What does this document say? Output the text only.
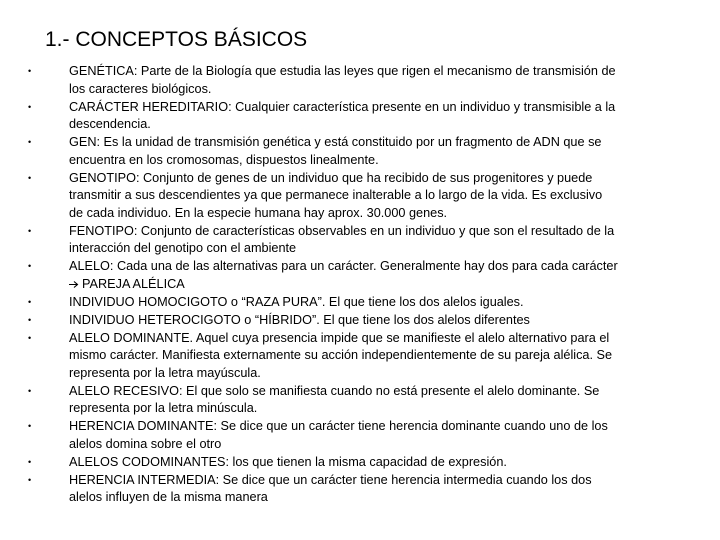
1.- CONCEPTOS BÁSICOS
•	GENÉTICA: Parte de la Biología que estudia las leyes que rigen el mecanismo de transmisión de
los caracteres biológicos.
•	CARÁCTER HEREDITARIO: Cualquier característica presente en un individuo y transmisible a la
descendencia.
•	GEN: Es la unidad de transmisión genética y está constituido por un fragmento de ADN que se
encuentra en los cromosomas, dispuestos linealmente.
•	GENOTIPO: Conjunto de genes de un individuo que ha recibido de sus progenitores y puede
transmitir a sus descendientes ya que permanece inalterable a lo largo de la vida. Es exclusivo
de cada individuo. En la especie humana hay aprox. 30.000 genes.
•	FENOTIPO: Conjunto de características observables en un individuo y que son el resultado de la
interacción del genotipo con el ambiente
•	ALELO: Cada una de las alternativas para un carácter. Generalmente hay dos para cada carácter
PAREJA ALÉLICA
•	INDIVIDUO HOMOCIGOTO o “RAZA PURA”. El que tiene los dos alelos iguales.
•	INDIVIDUO HETEROCIGOTO o “HÍBRIDO”. El que tiene los dos alelos diferentes
•	ALELO DOMINANTE. Aquel cuya presencia impide que se manifieste el alelo alternativo para el
mismo carácter. Manifiesta externamente su acción independientemente de su pareja alélica. Se
representa por la letra mayúscula.
•	ALELO RECESIVO: El que solo se manifiesta cuando no está presente el alelo dominante. Se
representa por la letra minúscula.
•	HERENCIA DOMINANTE: Se dice que un carácter tiene herencia dominante cuando uno de los
alelos domina sobre el otro
•	ALELOS CODOMINANTES: los que tienen la misma capacidad de expresión.
•	HERENCIA INTERMEDIA: Se dice que un carácter tiene herencia intermedia cuando los dos
alelos influyen de la misma manera
